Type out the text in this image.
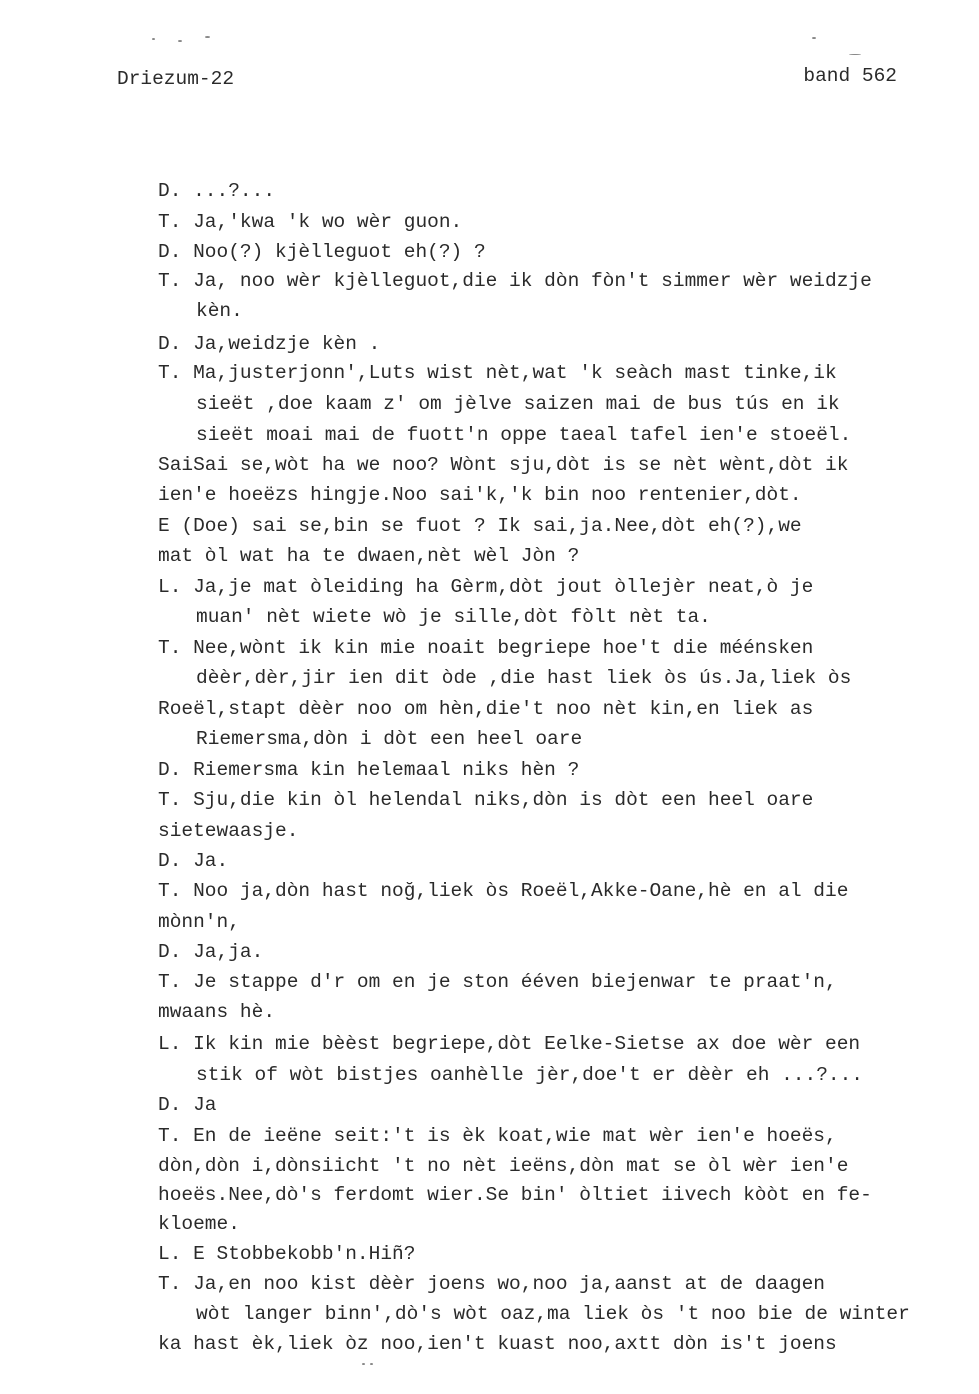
Driezum-22	band 562
D. ...?...
T. Ja,'kwa 'k wo wèr guon.
D. Noo(?) kjèlleguot eh(?) ?
T. Ja, noo wèr kjèlleguot,die ik dòn fòn't simmer wèr weidzje
kèn.
D. Ja,weidzje kèn .
T. Ma,justerjonn',Luts wist nèt,wat 'k seàch mast tinke,ik
sieët ,doe kaam z' om jèlve saizen mai de bus tús en ik
sieët moai mai de fuott'n oppe taeal tafel ien'e stoeël.
SaiSai se,wòt ha we noo? Wònt sju,dòt is se nèt wènt,dòt ik
ien'e hoeëzs hingje.Noo sai'k,'k bin noo rentenier,dòt.
E (Doe) sai se,bin se fuot ? Ik sai,ja.Nee,dòt eh(?),we
mat òl wat ha te dwaen,nèt wèl Jòn ?
L. Ja,je mat òleiding ha Gèrm,dòt jout òllejèr neat,ò je
muan' nèt wiete wò je sille,dòt fòlt nèt ta.
T. Nee,wònt ik kin mie noait begriepe hoe't die méénsken
dèèr,dèr,jir ien dit òde ,die hast liek òs ús.Ja,liek òs
Roeël,stapt dèèr noo om hèn,die't noo nèt kin,en liek as
Riemersma,dòn i dòt een heel oare
D. Riemersma kin helemaal niks hèn ?
T. Sju,die kin òl helendal niks,dòn is dòt een heel oare
sietewaasje.
D. Ja.
T. Noo ja,dòn hast noğ,liek òs Roeël,Akke-Oane,hè en al die
mònn'n,
D. Ja,ja.
T. Je stappe d'r om en je ston ééven biejenwar te praat'n,
mwaans hè.
L. Ik kin mie bèèst begriepe,dòt Eelke-Sietse ax doe wèr een
stik of wòt bistjes oanhèlle jèr,doe't er dèèr eh ...?...
D. Ja
T. En de ieëne seit:'t is èk koat,wie mat wèr ien'e hoeës,
dòn,dòn i,dònsiicht 't no nèt ieëns,dòn mat se òl wèr ien'e
hoeës.Nee,dò's ferdomt wier.Se bin' òltiet iivech kòòt en fe-
kloeme.
L. E Stobbekobb'n.Hiñ?
T. Ja,en noo kist dèèr joens wo,noo ja,aanst at de daagen
wòt langer binn',dò's wòt oaz,ma liek òs 't noo bie de winter
ka hast èk,liek òz noo,ien't kuast noo,axtt dòn is't joens
